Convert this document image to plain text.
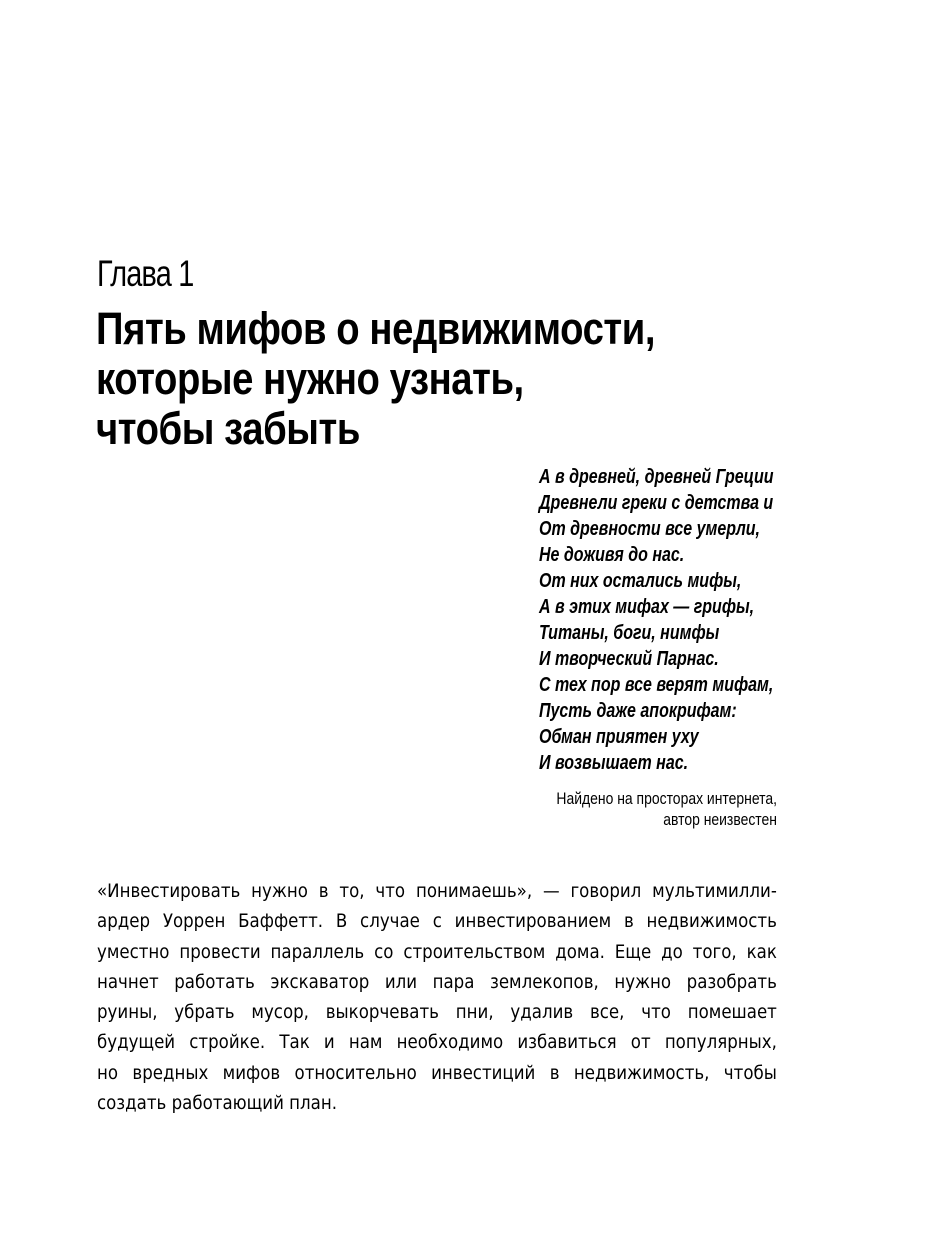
Глава 1
Пять мифов о недвижимости,
которые нужно узнать,
чтобы забыть
А в древней, древней Греции
Древнели греки с детства и
От древности все умерли,
Не доживя до нас.
От них остались мифы,
А в этих мифах — грифы,
Титаны, боги, нимфы
И творческий Парнас.
С тех пор все верят мифам,
Пусть даже апокрифам:
Обман приятен уху
И возвышает нас.
Найдено на просторах интернета,
автор неизвестен
«Инвестировать нужно в то, что понимаешь», — говорил мультимилли-
ардер Уоррен Баффетт. В случае с инвестированием в недвижимость
уместно провести параллель со строительством дома. Еще до того, как
начнет работать экскаватор или пара землекопов, нужно разобрать
руины, убрать мусор, выкорчевать пни, удалив все, что помешает
будущей стройке. Так и нам необходимо избавиться от популярных,
но вредных мифов относительно инвестиций в недвижимость, чтобы
создать работающий план.
